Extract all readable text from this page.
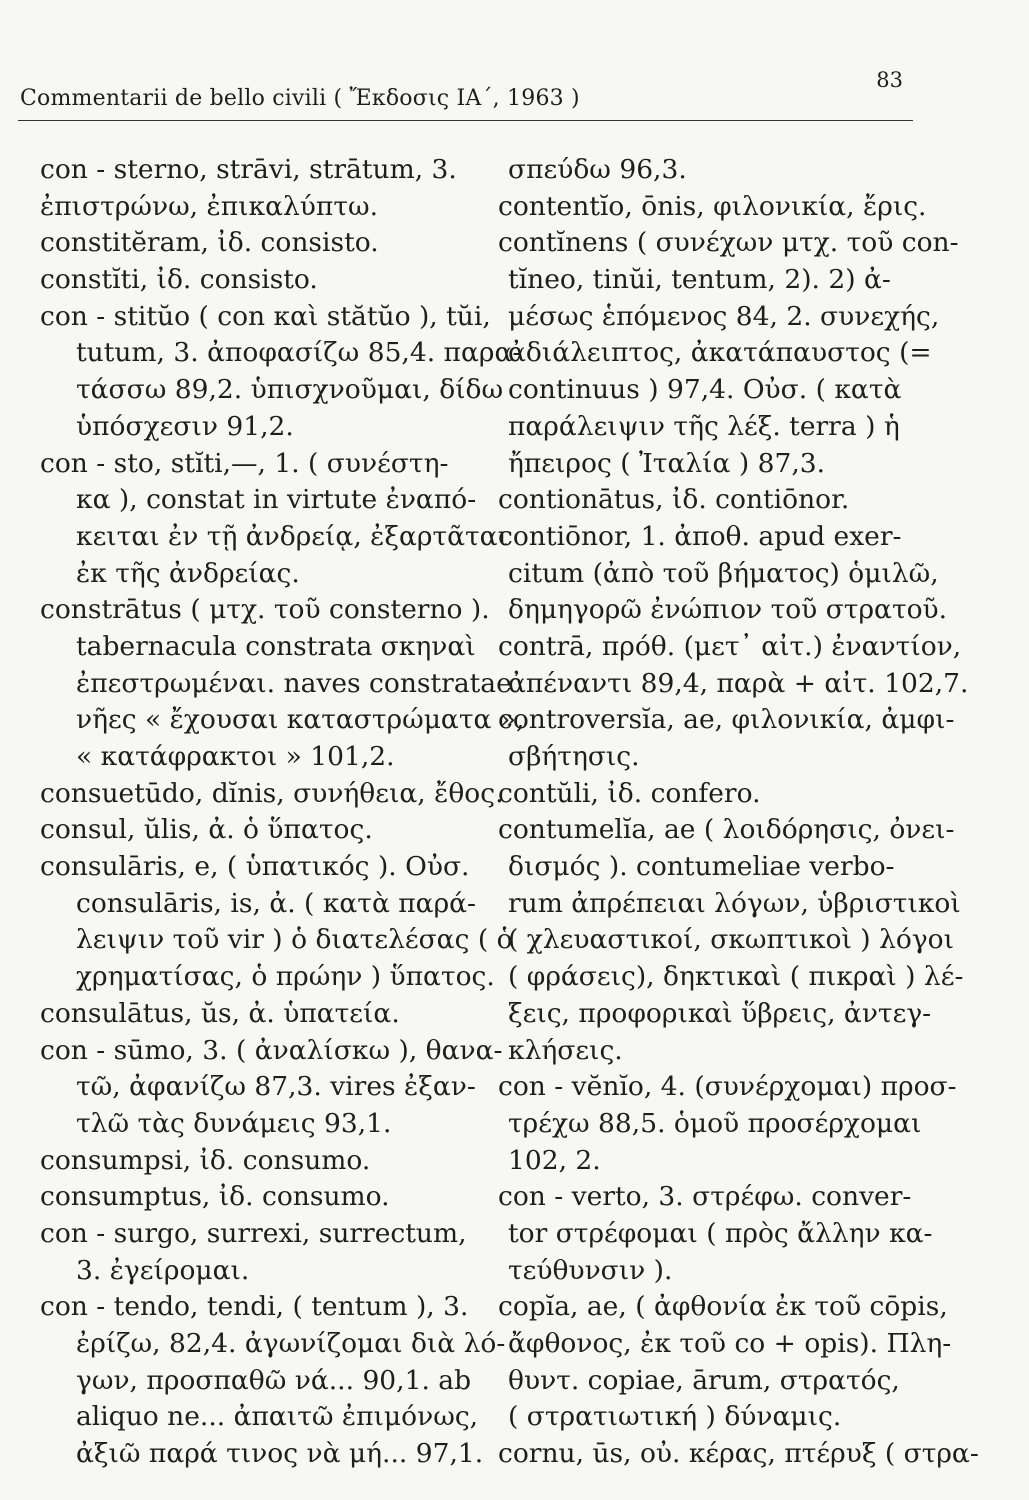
Commentarii de bello civili ( Ἔκδοσις ΙΑ΄, 1963 )
83
con - sterno, strāvi, strātum, 3.
ἐπιστρώνω, ἐπικαλύπτω.
constitĕram, ἰδ. consisto.
constĭti, ἰδ. consisto.
con - stitŭo ( con καὶ stătŭo ), tŭi,
tutum, 3. ἀποφασίζω 85,4. παρα-
τάσσω 89,2. ὑπισχνοῦμαι, δίδω
ὑπόσχεσιν 91,2.
con - sto, stĭti,—, 1. ( συνέστη-
κα ), constat in virtute ἐναπό-
κειται ἐν τῇ ἀνδρείᾳ, ἐξαρτᾶται
ἐκ τῆς ἀνδρείας.
constrātus ( μτχ. τοῦ consterno ).
tabernacula constrata σκηναὶ
ἐπεστρωμέναι. naves constratae
νῆες « ἔχουσαι καταστρώματα »,
« κατάφρακτοι » 101,2.
consuetūdo, dĭnis, συνήθεια, ἔθος.
consul, ŭlis, ἀ. ὁ ὕπατος.
consulāris, e, ( ὑπατικός ). Οὐσ.
consulāris, is, ἀ. ( κατὰ παρά-
λειψιν τοῦ vir ) ὁ διατελέσας ( ὁ
χρηματίσας, ὁ πρώην ) ὕπατος.
consulātus, ŭs, ἀ. ὑπατεία.
con - sūmo, 3. ( ἀναλίσκω ), θανα-
τῶ, ἀφανίζω 87,3. vires ἐξαν-
τλῶ τὰς δυνάμεις 93,1.
consumpsi, ἰδ. consumo.
consumptus, ἰδ. consumo.
con - surgo, surrexi, surrectum,
3. ἐγείρομαι.
con - tendo, tendi, ( tentum ), 3.
ἐρίζω, 82,4. ἀγωνίζομαι διὰ λό-
γων, προσπαθῶ νά... 90,1. ab
aliquo ne... ἀπαιτῶ ἐπιμόνως,
ἀξιῶ παρά τινος νὰ μή... 97,1.
σπεύδω 96,3.
contentĭo, ōnis, φιλονικία, ἔρις.
contĭnens ( συνέχων μτχ. τοῦ con-
tĭneo, tinŭi, tentum, 2). 2) ἀ-
μέσως ἑπόμενος 84, 2. συνεχής,
ἀδιάλειπτος, ἀκατάπαυστος (=
continuus ) 97,4. Οὐσ. ( κατὰ
παράλειψιν τῆς λέξ. terra ) ἡ
ἤπειρος ( Ἰταλία ) 87,3.
contionātus, ἰδ. contiōnor.
contiōnor, 1. ἀποθ. apud exer-
citum (ἀπὸ τοῦ βήματος) ὁμιλῶ,
δημηγορῶ ἐνώπιον τοῦ στρατοῦ.
contrā, πρόθ. (μετ᾿ αἰτ.) ἐναντίον,
ἀπέναντι 89,4, παρὰ + αἰτ. 102,7.
controversĭa, ae, φιλονικία, ἀμφι-
σβήτησις.
contŭli, ἰδ. confero.
contumelĭa, ae ( λοιδόρησις, ὀνει-
δισμός ). contumeliae verbo-
rum ἀπρέπειαι λόγων, ὑβριστικοὶ
( χλευαστικοί, σκωπτικοὶ ) λόγοι
( φράσεις), δηκτικαὶ ( πικραὶ ) λέ-
ξεις, προφορικαὶ ὕβρεις, ἀντεγ-
κλήσεις.
con - vĕnĭo, 4. (συνέρχομαι) προσ-
τρέχω 88,5. ὁμοῦ προσέρχομαι
102, 2.
con - verto, 3. στρέφω. conver-
tor στρέφομαι ( πρὸς ἄλλην κα-
τεύθυνσιν ).
copĭa, ae, ( ἀφθονία ἐκ τοῦ cōpis,
ἄφθονος, ἐκ τοῦ co + opis). Πλη-
θυντ. copiae, ārum, στρατός,
( στρατιωτική ) δύναμις.
cornu, ūs, οὐ. κέρας, πτέρυξ ( στρα-
